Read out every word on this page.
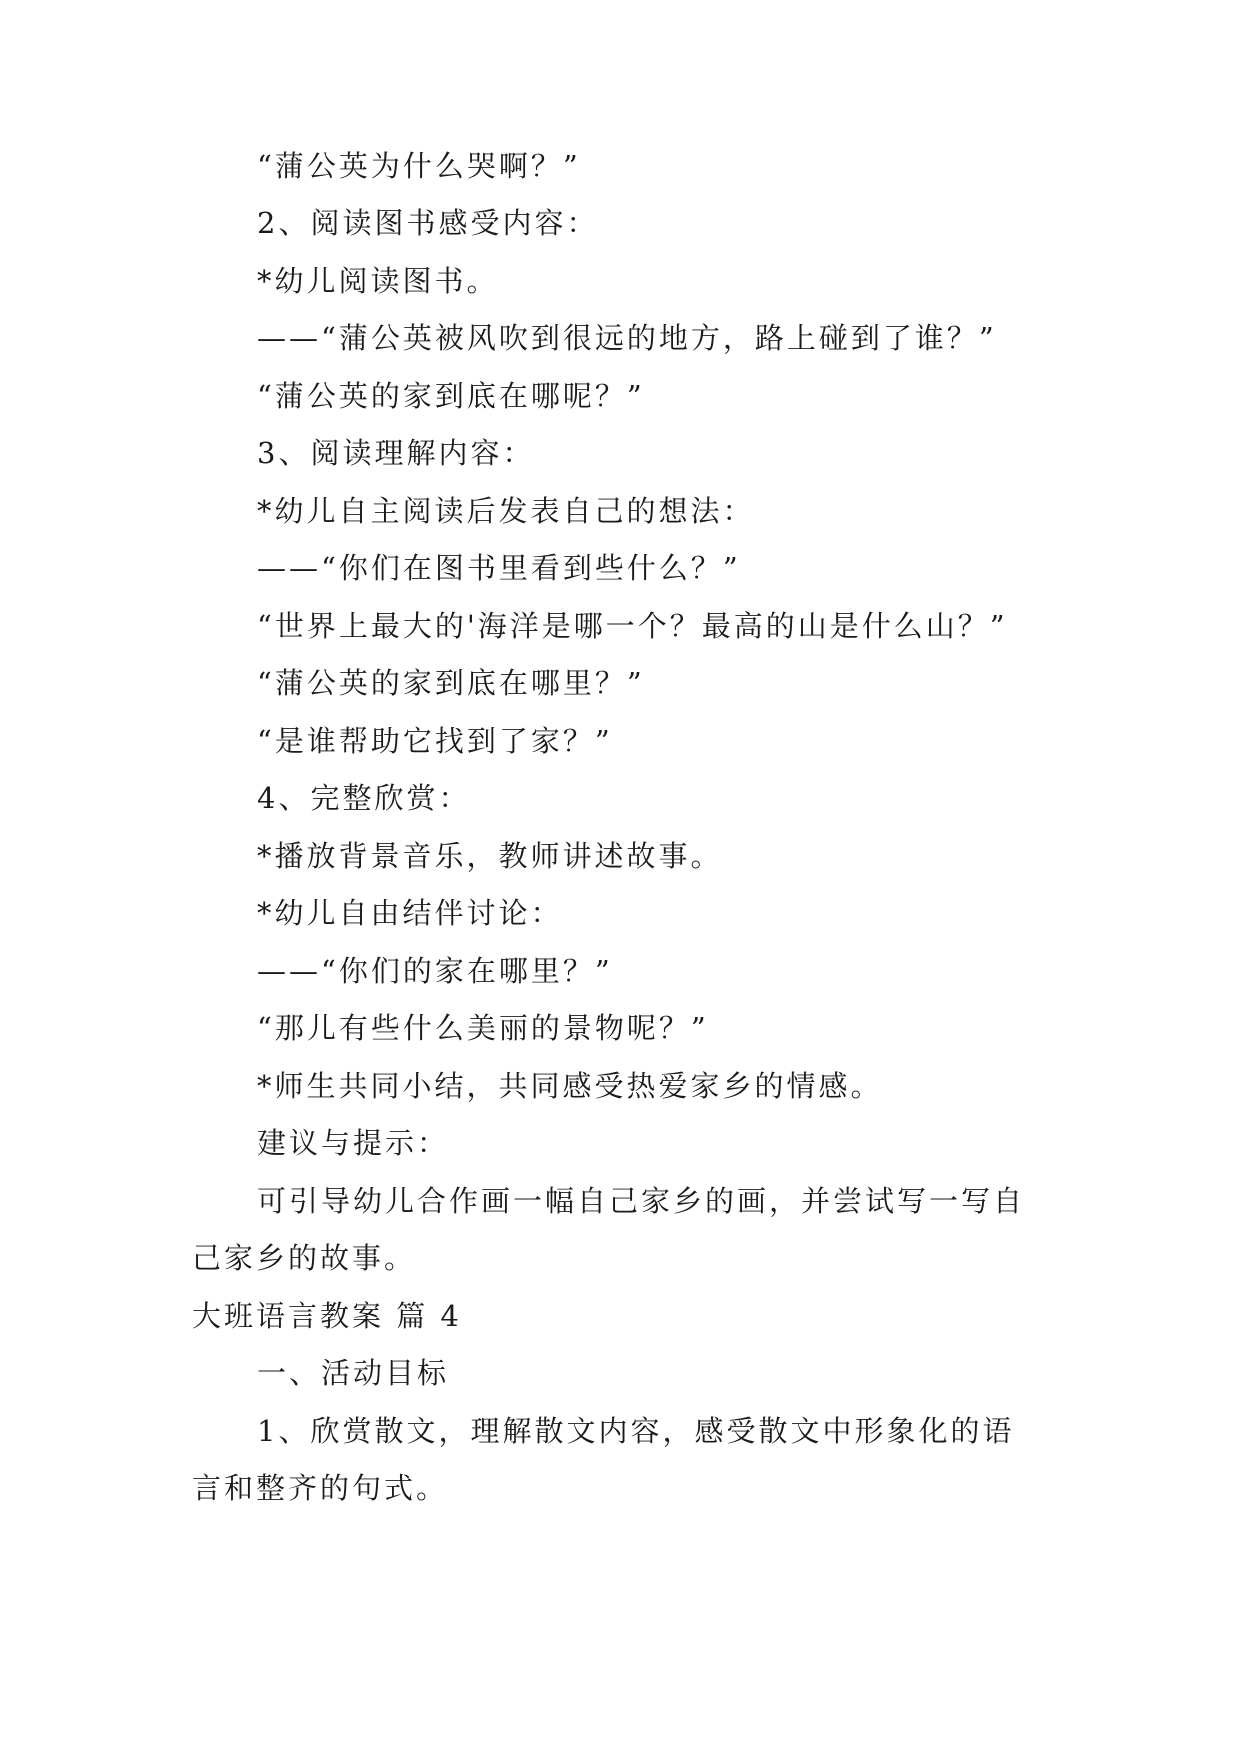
“蒲公英为什么哭啊？”
2、阅读图书感受内容：
*幼儿阅读图书。
——“蒲公英被风吹到很远的地方，路上碰到了谁？”
“蒲公英的家到底在哪呢？”
3、阅读理解内容：
*幼儿自主阅读后发表自己的想法：
——“你们在图书里看到些什么？”
“世界上最大的'海洋是哪一个？最高的山是什么山？”
“蒲公英的家到底在哪里？”
“是谁帮助它找到了家？”
4、完整欣赏：
*播放背景音乐，教师讲述故事。
*幼儿自由结伴讨论：
——“你们的家在哪里？”
“那儿有些什么美丽的景物呢？”
*师生共同小结，共同感受热爱家乡的情感。
建议与提示：
可引导幼儿合作画一幅自己家乡的画，并尝试写一写自
己家乡的故事。
大班语言教案 篇 4
一、活动目标
1、欣赏散文，理解散文内容，感受散文中形象化的语
言和整齐的句式。
